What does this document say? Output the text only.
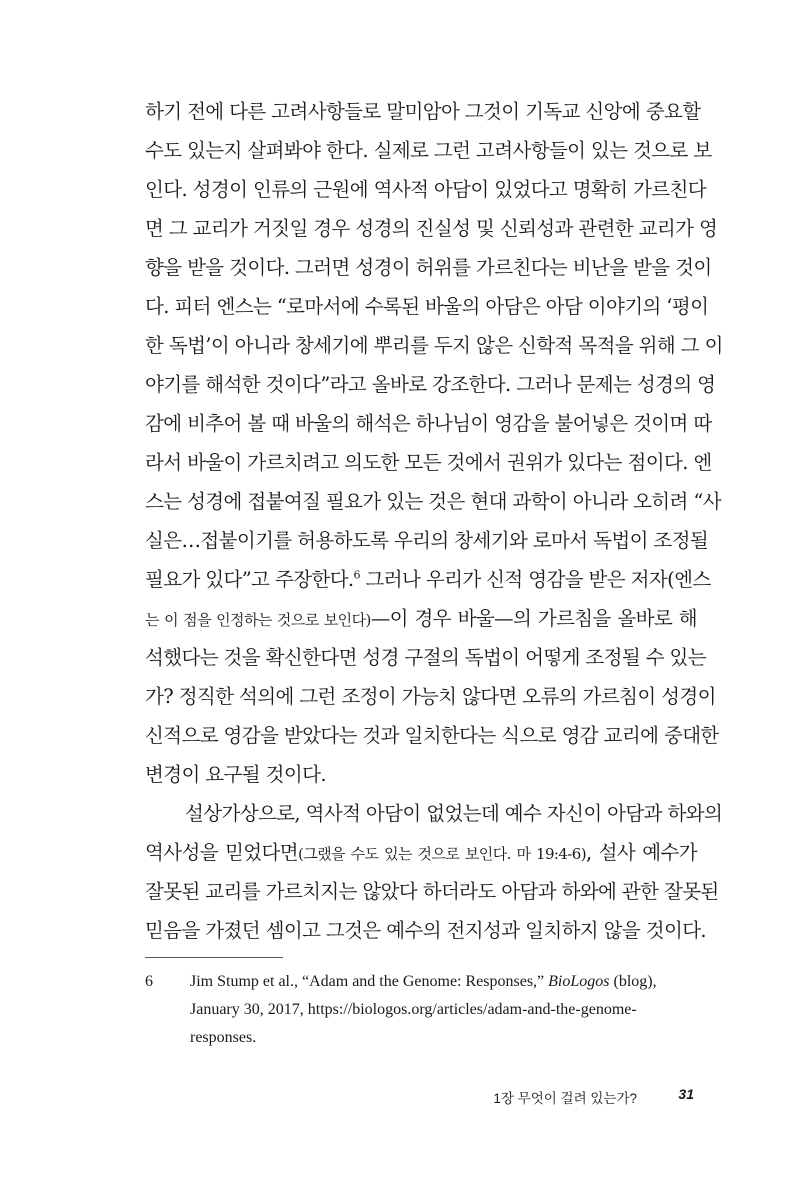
하기 전에 다른 고려사항들로 말미암아 그것이 기독교 신앙에 중요할
수도 있는지 살펴봐야 한다. 실제로 그런 고려사항들이 있는 것으로 보
인다. 성경이 인류의 근원에 역사적 아담이 있었다고 명확히 가르친다
면 그 교리가 거짓일 경우 성경의 진실성 및 신뢰성과 관련한 교리가 영
향을 받을 것이다. 그러면 성경이 허위를 가르친다는 비난을 받을 것이
다. 피터 엔스는 “로마서에 수록된 바울의 아담은 아담 이야기의 ‘평이
한 독법’이 아니라 창세기에 뿌리를 두지 않은 신학적 목적을 위해 그 이
야기를 해석한 것이다”라고 올바로 강조한다. 그러나 문제는 성경의 영
감에 비추어 볼 때 바울의 해석은 하나님이 영감을 불어넣은 것이며 따
라서 바울이 가르치려고 의도한 모든 것에서 권위가 있다는 점이다. 엔
스는 성경에 접붙여질 필요가 있는 것은 현대 과학이 아니라 오히려 “사
실은…접붙이기를 허용하도록 우리의 창세기와 로마서 독법이 조정될
필요가 있다”고 주장한다.$^6$ 그러나 우리가 신적 영감을 받은 저자(엔스
는 이 점을 인정하는 것으로 보인다)—이 경우 바울—의 가르침을 올바로 해
석했다는 것을 확신한다면 성경 구절의 독법이 어떻게 조정될 수 있는
가? 정직한 석의에 그런 조정이 가능치 않다면 오류의 가르침이 성경이
신적으로 영감을 받았다는 것과 일치한다는 식으로 영감 교리에 중대한
변경이 요구될 것이다.
설상가상으로, 역사적 아담이 없었는데 예수 자신이 아담과 하와의
역사성을 믿었다면(그랬을 수도 있는 것으로 보인다. 마 19:4-6), 설사 예수가
잘못된 교리를 가르치지는 않았다 하더라도 아담과 하와에 관한 잘못된
믿음을 가졌던 셈이고 그것은 예수의 전지성과 일치하지 않을 것이다.
6	Jim Stump et al., “Adam and the Genome: Responses,” BioLogos (blog), January 30, 2017, https://biologos.org/articles/adam-and-the-genome-responses.
1장 무엇이 걸려 있는가?	31
